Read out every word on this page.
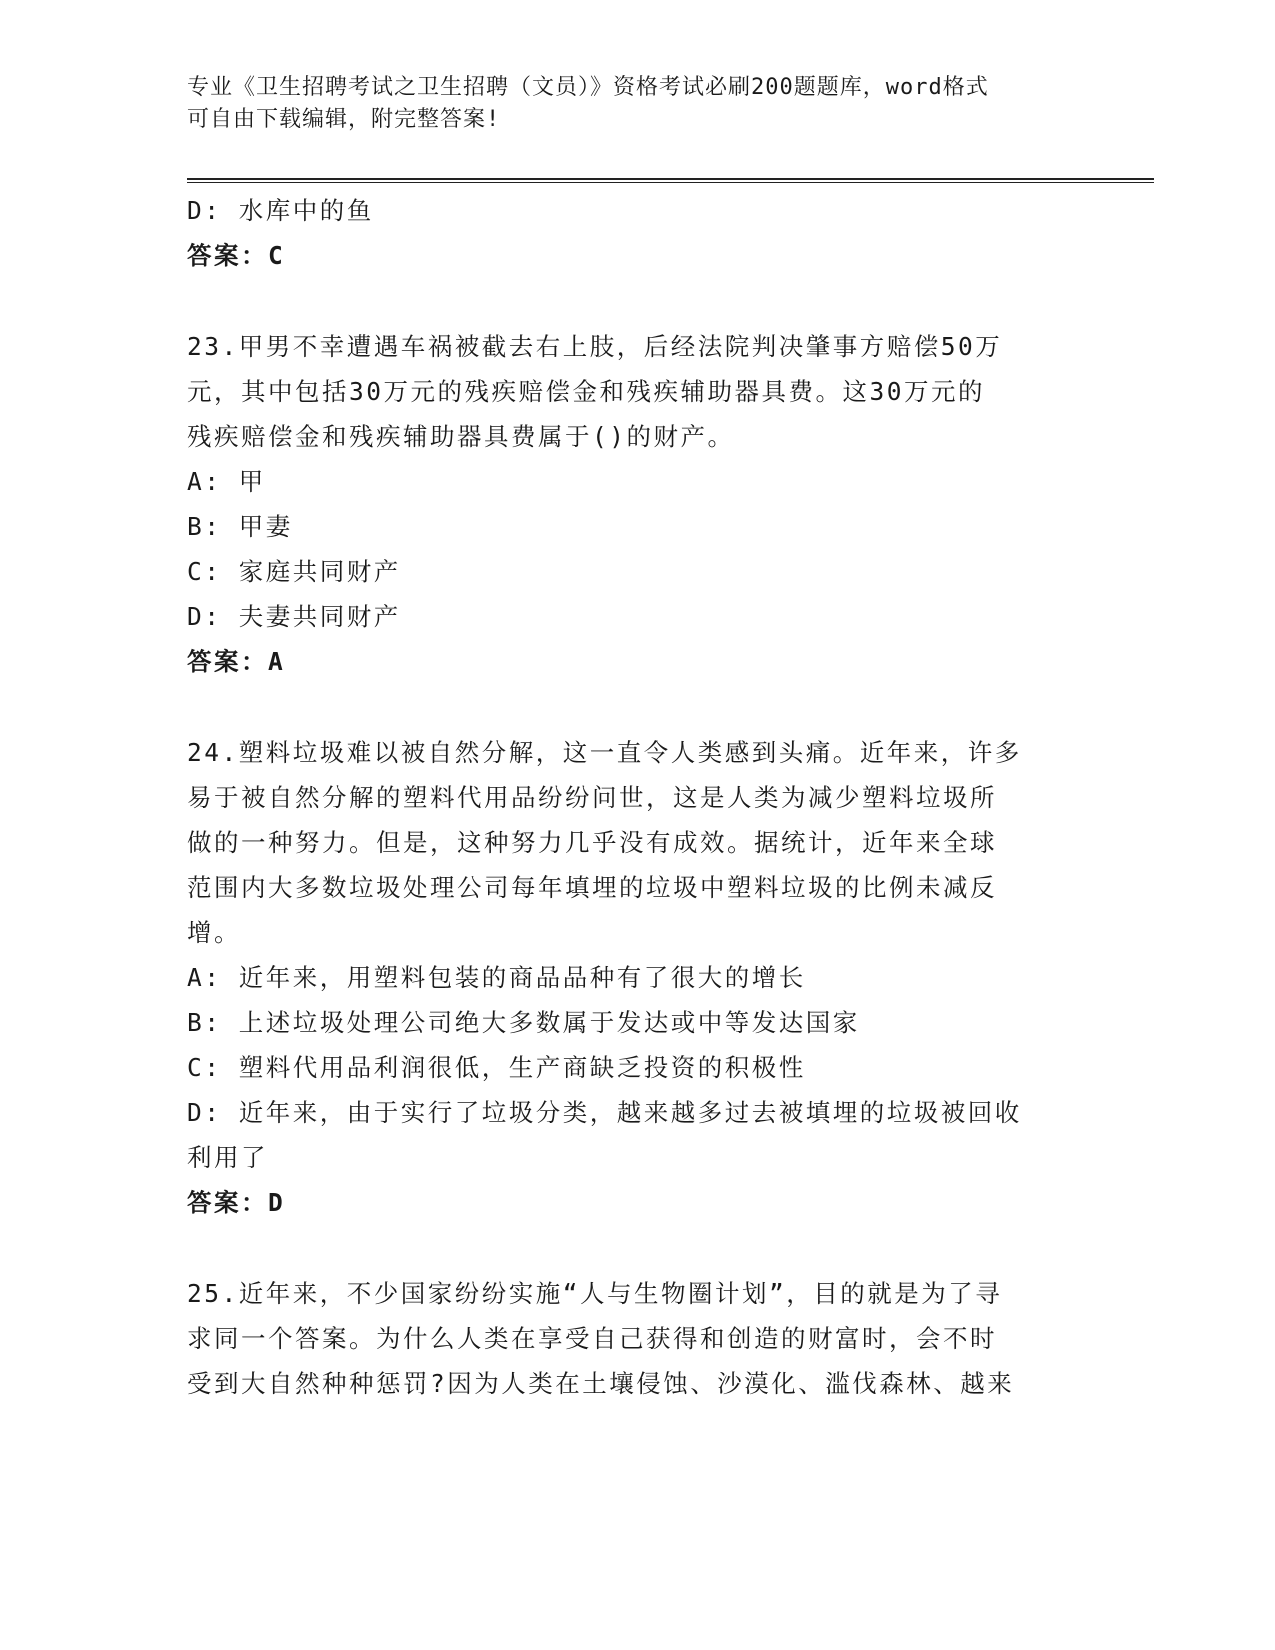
专业《卫生招聘考试之卫生招聘（文员）》资格考试必刷200题题库，word格式
可自由下载编辑，附完整答案!
D: 水库中的鱼
答案：C
23.甲男不幸遭遇车祸被截去右上肢，后经法院判决肇事方赔偿50万
元，其中包括30万元的残疾赔偿金和残疾辅助器具费。这30万元的
残疾赔偿金和残疾辅助器具费属于()的财产。
A: 甲
B: 甲妻
C: 家庭共同财产
D: 夫妻共同财产
答案：A
24.塑料垃圾难以被自然分解，这一直令人类感到头痛。近年来，许多
易于被自然分解的塑料代用品纷纷问世，这是人类为减少塑料垃圾所
做的一种努力。但是，这种努力几乎没有成效。据统计，近年来全球
范围内大多数垃圾处理公司每年填埋的垃圾中塑料垃圾的比例未减反
增。
A: 近年来，用塑料包装的商品品种有了很大的增长
B: 上述垃圾处理公司绝大多数属于发达或中等发达国家
C: 塑料代用品利润很低，生产商缺乏投资的积极性
D: 近年来，由于实行了垃圾分类，越来越多过去被填埋的垃圾被回收
利用了
答案：D
25.近年来，不少国家纷纷实施“人与生物圈计划”，目的就是为了寻
求同一个答案。为什么人类在享受自己获得和创造的财富时，会不时
受到大自然种种惩罚?因为人类在土壤侵蚀、沙漠化、滥伐森林、越来
